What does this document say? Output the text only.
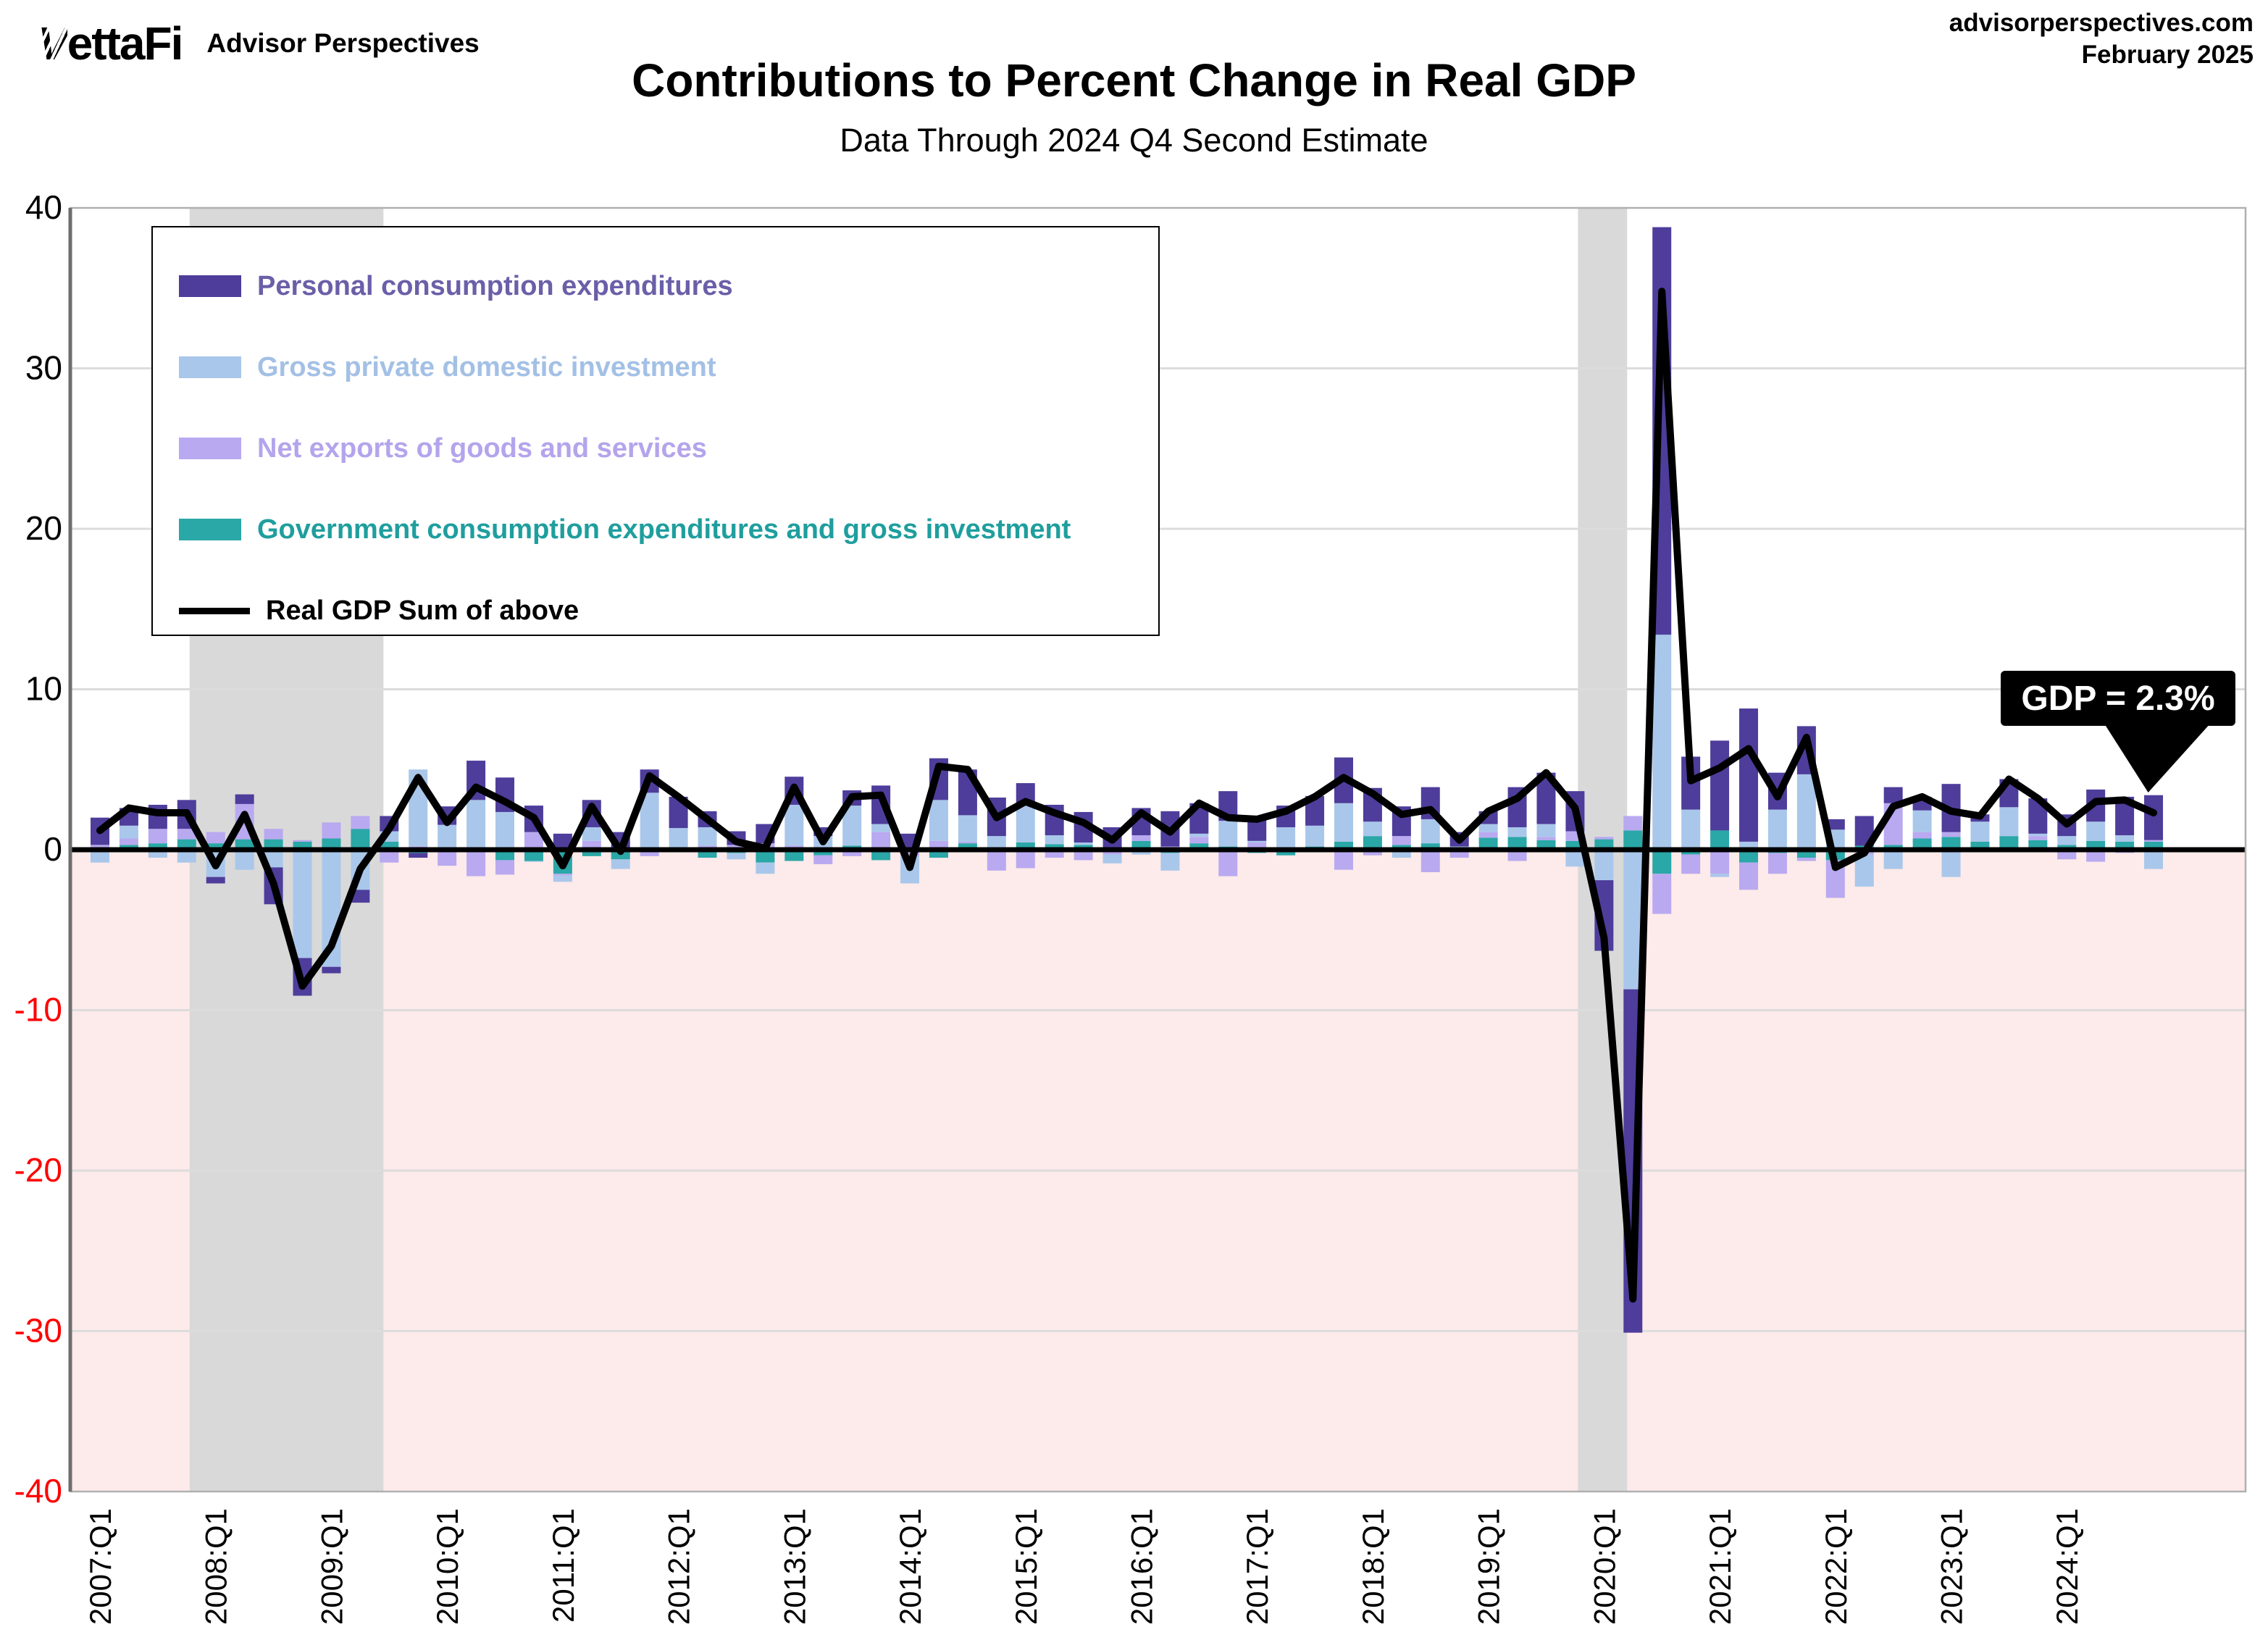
VettaFi Advisor Perspectives
advisorperspectives.com
February 2025
Contributions to Percent Change in Real GDP
Data Through 2024 Q4 Second Estimate
-40
-30
-20
-10
0
10
20
30
40
2007:Q1	2008:Q1	2009:Q1	2010:Q1	2011:Q1	2012:Q1	2013:Q1	2014:Q1	2015:Q1	2016:Q1	2017:Q1	2018:Q1	2019:Q1	2020:Q1	2021:Q1	2022:Q1	2023:Q1	2024:Q1
Personal consumption expenditures
Gross private domestic investment
Net exports of goods and services
Government consumption expenditures and gross investment
Real GDP Sum of above
GDP = 2.3%
